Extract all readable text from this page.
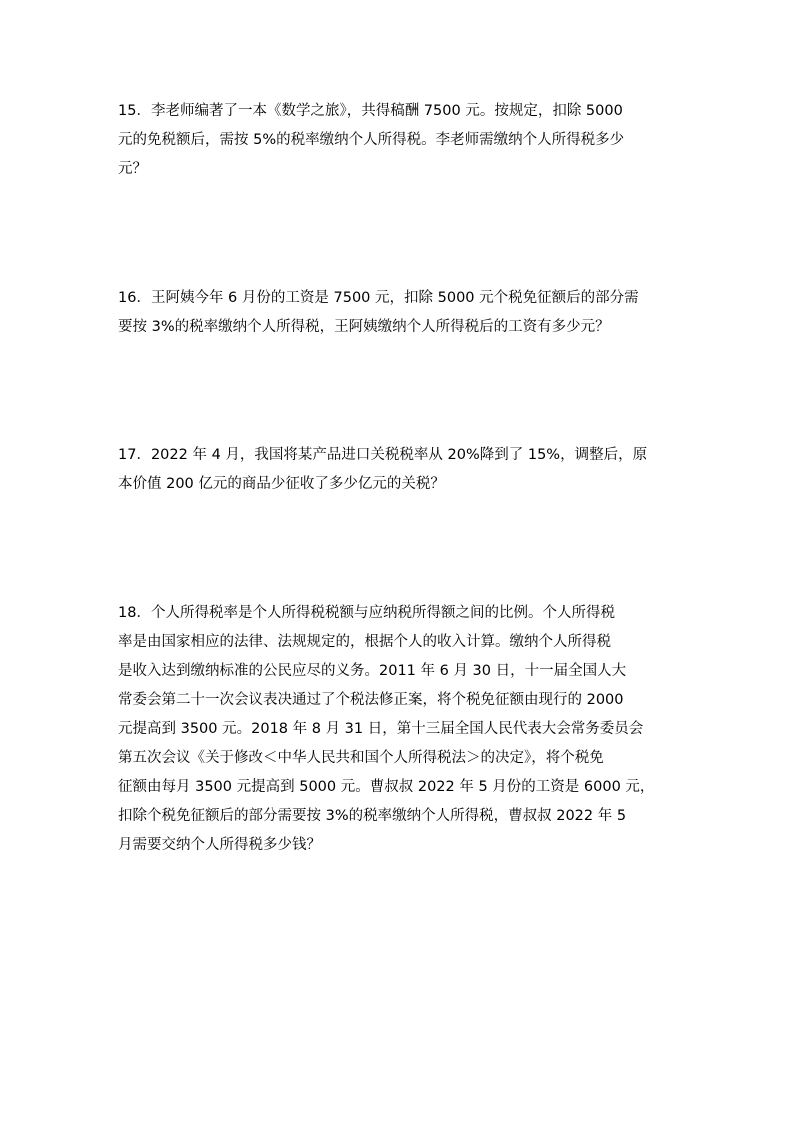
15．李老师编著了一本《数学之旅》，共得稿酬 7500 元。按规定，扣除 5000
元的免税额后，需按 5%的税率缴纳个人所得税。李老师需缴纳个人所得税多少
元？
16．王阿姨今年 6 月份的工资是 7500 元，扣除 5000 元个税免征额后的部分需
要按 3%的税率缴纳个人所得税，王阿姨缴纳个人所得税后的工资有多少元？
17．2022 年 4 月，我国将某产品进口关税税率从 20%降到了 15%，调整后，原
本价值 200 亿元的商品少征收了多少亿元的关税？
18．个人所得税率是个人所得税税额与应纳税所得额之间的比例。个人所得税
率是由国家相应的法律、法规规定的，根据个人的收入计算。缴纳个人所得税
是收入达到缴纳标准的公民应尽的义务。2011 年 6 月 30 日，十一届全国人大
常委会第二十一次会议表决通过了个税法修正案，将个税免征额由现行的 2000
元提高到 3500 元。2018 年 8 月 31 日，第十三届全国人民代表大会常务委员会
第五次会议《关于修改＜中华人民共和国个人所得税法＞的决定》，将个税免
征额由每月 3500 元提高到 5000 元。曹叔叔 2022 年 5 月份的工资是 6000 元，
扣除个税免征额后的部分需要按 3%的税率缴纳个人所得税，曹叔叔 2022 年 5
月需要交纳个人所得税多少钱？
